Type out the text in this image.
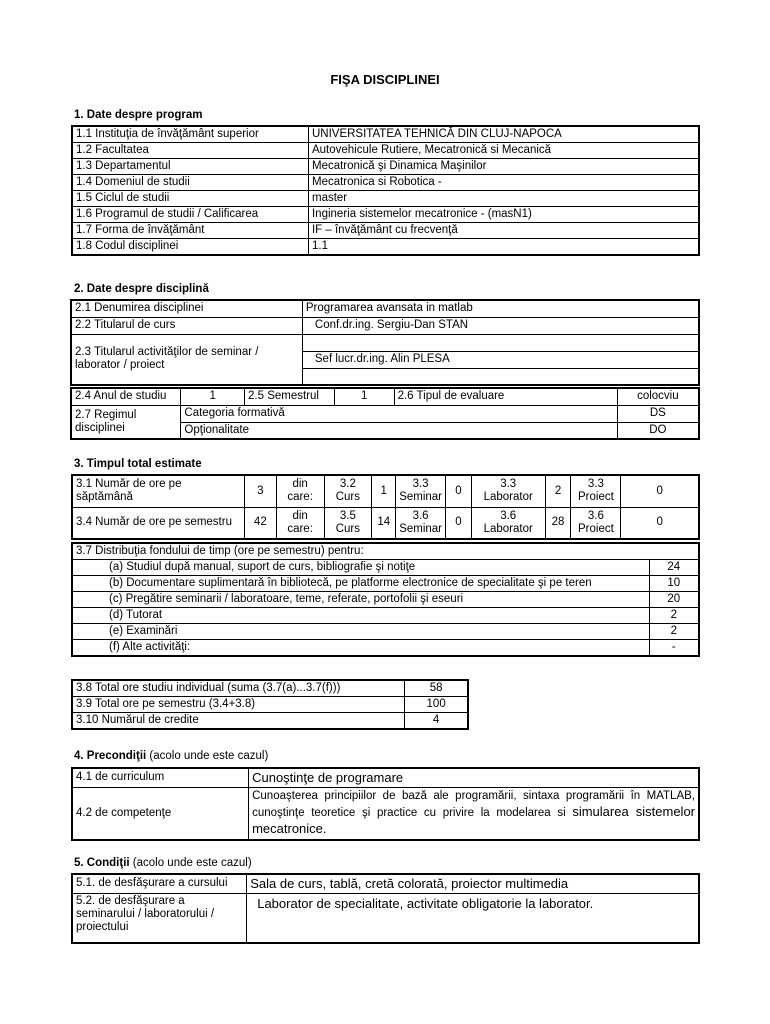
FIŞA DISCIPLINEI
1. Date despre program
1.1 Instituţia de învăţământ superior	UNIVERSITATEA TEHNICĂ DIN CLUJ-NAPOCA
1.2 Facultatea	Autovehicule Rutiere, Mecatronică si Mecanică
1.3 Departamentul	Mecatronică şi Dinamica Maşinilor
1.4 Domeniul de studii	Mecatronica si Robotica -
1.5 Ciclul de studii	master
1.6 Programul de studii / Calificarea	Ingineria sistemelor mecatronice - (masN1)
1.7 Forma de învăţământ	IF – învăţământ cu frecvenţă
1.8 Codul disciplinei	1.1
2. Date despre disciplină
2.1 Denumirea disciplinei	Programarea avansata in matlab
2.2 Titularul de curs	Conf.dr.ing. Sergiu-Dan STAN
2.3 Titularul activităţilor de seminar / laborator / proiect	
	Sef lucr.dr.ing. Alin PLESA

2.4 Anul de studiu	1	2.5 Semestrul	1	2.6 Tipul de evaluare	colocviu
2.7 Regimul disciplinei	Categoria formativă				DS
	Opţionalitate				DO
3. Timpul total estimate
3.1 Număr de ore pe săptămână	3	din care:	3.2 Curs	1	3.3 Seminar	0	3.3 Laborator	2	3.3 Proiect	0
3.4 Număr de ore pe semestru	42	din care:	3.5 Curs	14	3.6 Seminar	0	3.6 Laborator	28	3.6 Proiect	0
3.7 Distribuţia fondului de timp (ore pe semestru) pentru:	
(a) Studiul după manual, suport de curs, bibliografie şi notiţe	24
(b) Documentare suplimentară în bibliotecă, pe platforme electronice de specialitate şi pe teren	10
(c) Pregătire seminarii / laboratoare, teme, referate, portofolii şi eseuri	20
(d) Tutorat	2
(e) Examinări	2
(f) Alte activităţi:	-
3.8 Total ore studiu individual (suma (3.7(a)...3.7(f)))	58
3.9 Total ore pe semestru (3.4+3.8)	100
3.10 Numărul de credite	4
4. Precondiţii (acolo unde este cazul)
4.1 de curriculum	Cunoştinţe de programare
4.2 de competenţe	Cunoaşterea principiilor de bază ale programării, sintaxa programării în MATLAB, cunoştinţe teoretice şi practice cu privire la modelarea si simularea sistemelor mecatronice.
5. Condiţii (acolo unde este cazul)
5.1. de desfăşurare a cursului	Sala de curs, tablă, cretă colorată, proiector multimedia
5.2. de desfăşurare a seminarului / laboratorului / proiectului	Laborator de specialitate, activitate obligatorie la laborator.
